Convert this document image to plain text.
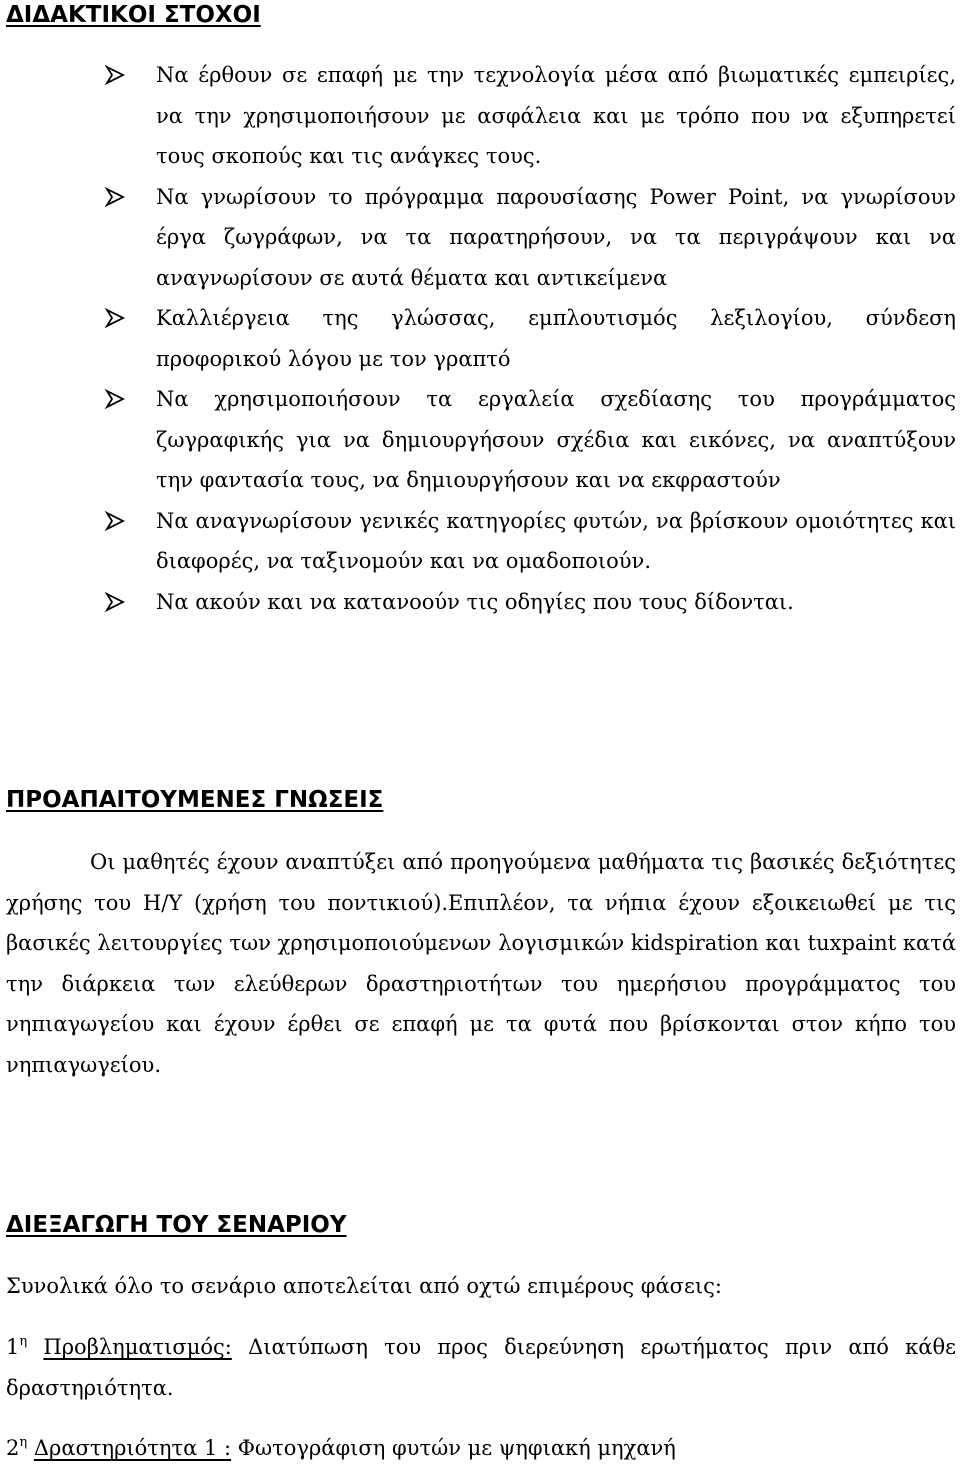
ΔΙΔΑΚΤΙΚΟΙ ΣΤΟΧΟΙ
Να έρθουν σε επαφή με την τεχνολογία μέσα από βιωματικές εμπειρίες, να την χρησιμοποιήσουν με ασφάλεια και με τρόπο που να εξυπηρετεί τους σκοπούς και τις ανάγκες τους.
Να γνωρίσουν το πρόγραμμα παρουσίασης Power Point, να γνωρίσουν έργα ζωγράφων, να τα παρατηρήσουν, να τα περιγράψουν και να αναγνωρίσουν σε αυτά θέματα και αντικείμενα
Καλλιέργεια της γλώσσας, εμπλουτισμός λεξιλογίου, σύνδεση προφορικού λόγου με τον γραπτό
Να χρησιμοποιήσουν τα εργαλεία σχεδίασης του προγράμματος ζωγραφικής για να δημιουργήσουν σχέδια και εικόνες, να αναπτύξουν την φαντασία τους, να δημιουργήσουν και να εκφραστούν
Να αναγνωρίσουν γενικές κατηγορίες φυτών, να βρίσκουν ομοιότητες και διαφορές, να ταξινομούν και να ομαδοποιούν.
Να ακούν και να κατανοούν τις οδηγίες που τους δίδονται.
ΠΡΟΑΠΑΙΤΟΥΜΕΝΕΣ ΓΝΩΣΕΙΣ

Οι μαθητές έχουν αναπτύξει από προηγούμενα μαθήματα τις βασικές δεξιότητες χρήσης του Η/Υ (χρήση του ποντικιού).Επιπλέον, τα νήπια έχουν εξοικειωθεί με τις βασικές λειτουργίες των χρησιμοποιούμενων λογισμικών kidspiration και tuxpaint κατά την διάρκεια των ελεύθερων δραστηριοτήτων του ημερήσιου προγράμματος του νηπιαγωγείου και έχουν έρθει σε επαφή με τα φυτά που βρίσκονται στον κήπο του νηπιαγωγείου.

ΔΙΕΞΑΓΩΓΗ ΤΟΥ ΣΕΝΑΡΙΟΥ

Συνολικά όλο το σενάριο αποτελείται από οχτώ επιμέρους φάσεις:

$1^\eta$ Προβληματισμός: Διατύπωση του προς διερεύνηση ερωτήματος πριν από κάθε δραστηριότητα.

$2^\eta$ Δραστηριότητα 1 : Φωτογράφιση φυτών με ψηφιακή μηχανή
